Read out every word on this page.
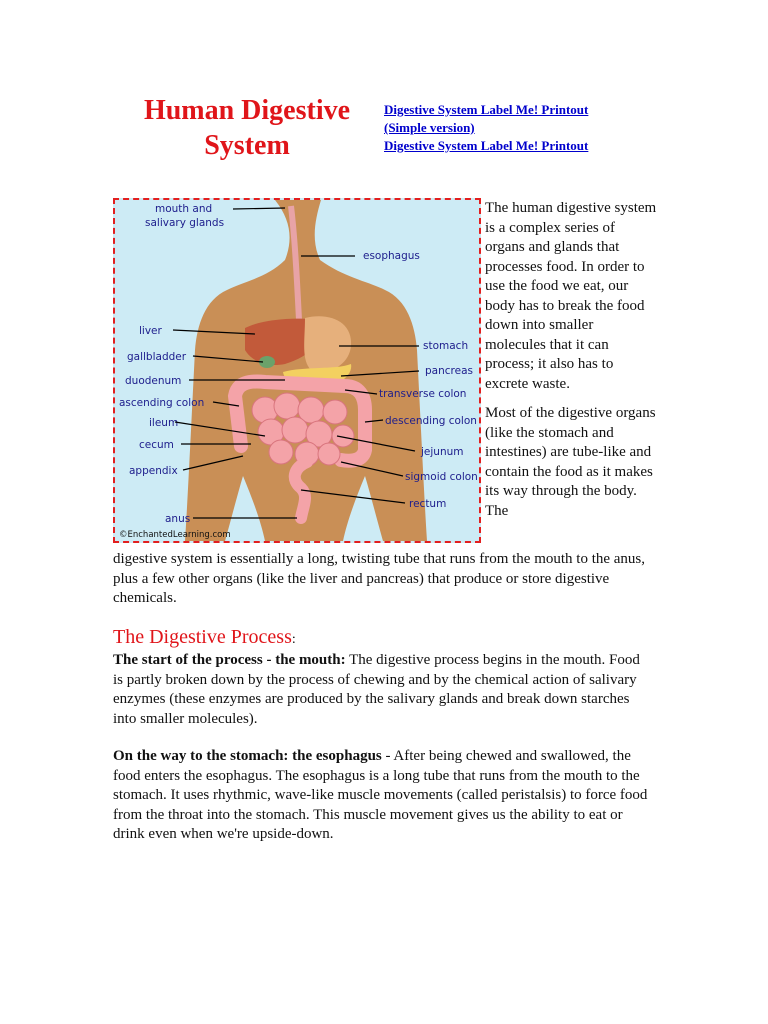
Human Digestive System
Digestive System Label Me! Printout
(Simple version)
Digestive System Label Me! Printout
mouth and
salivary glands
esophagus
liver
stomach
gallbladder
pancreas
duodenum
transverse colon
ascending colon
descending colon
ileum
cecum
jejunum
appendix	sigmoid colon
rectum
anus
©EnchantedLearning.com

The human digestive system is a complex series of organs and glands that processes food. In order to use the food we eat, our body has to break the food down into smaller molecules that it can process; it also has to excrete waste.

Most of the digestive organs (like the stomach and intestines) are tube-like and contain the food as it makes its way through the body. The

digestive system is essentially a long, twisting tube that runs from the mouth to the anus, plus a few other organs (like the liver and pancreas) that produce or store digestive chemicals.

The Digestive Process:

The start of the process - the mouth: The digestive process begins in the mouth. Food is partly broken down by the process of chewing and by the chemical action of salivary enzymes (these enzymes are produced by the salivary glands and break down starches into smaller molecules).

On the way to the stomach: the esophagus - After being chewed and swallowed, the food enters the esophagus. The esophagus is a long tube that runs from the mouth to the stomach. It uses rhythmic, wave-like muscle movements (called peristalsis) to force food from the throat into the stomach. This muscle movement gives us the ability to eat or drink even when we're upside-down.
